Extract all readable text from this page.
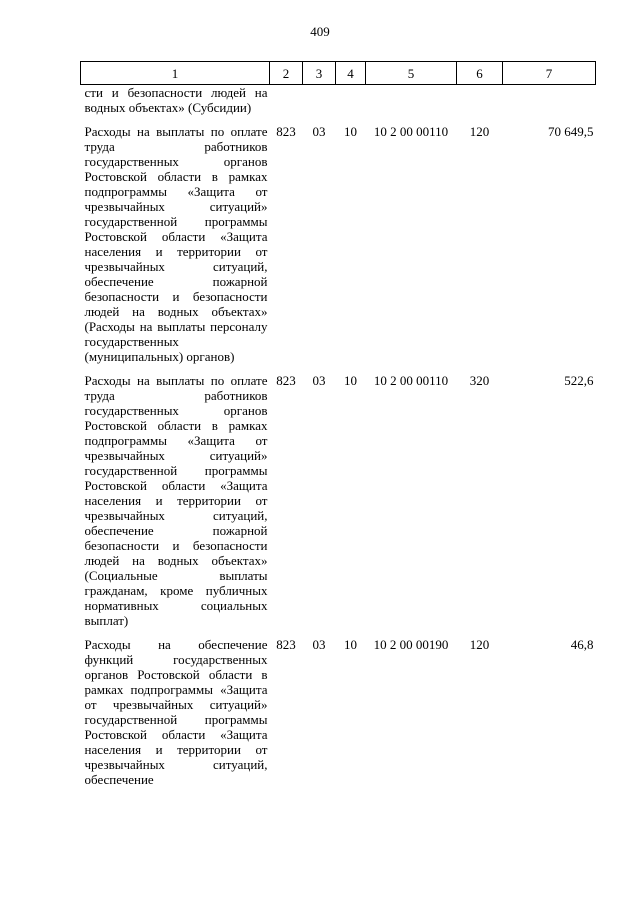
409
1	2	3	4	5	6	7
сти и безопасности людей на водных объектах» (Субсидии)						

Расходы на выплаты по оплате труда работников государственных органов Ростовской области в рамках подпрограммы «Защита от чрезвычайных ситуаций» государственной программы Ростовской области «Защита населения и территории от чрезвычайных ситуаций, обеспечение пожарной безопасности и безопасности людей на водных объектах» (Расходы на выплаты персоналу государственных (муниципальных) органов)	823	03	10	10 2 00 00110	120	70 649,5

Расходы на выплаты по оплате труда работников государственных органов Ростовской области в рамках подпрограммы «Защита от чрезвычайных ситуаций» государственной программы Ростовской области «Защита населения и территории от чрезвычайных ситуаций, обеспечение пожарной безопасности и безопасности людей на водных объектах» (Социальные выплаты гражданам, кроме публичных нормативных социальных выплат)	823	03	10	10 2 00 00110	320	522,6

Расходы на обеспечение функций государственных органов Ростовской области в рамках подпрограммы «Защита от чрезвычайных ситуаций» государственной программы Ростовской области «Защита населения и территории от чрезвычайных ситуаций, обеспечение	823	03	10	10 2 00 00190	120	46,8
